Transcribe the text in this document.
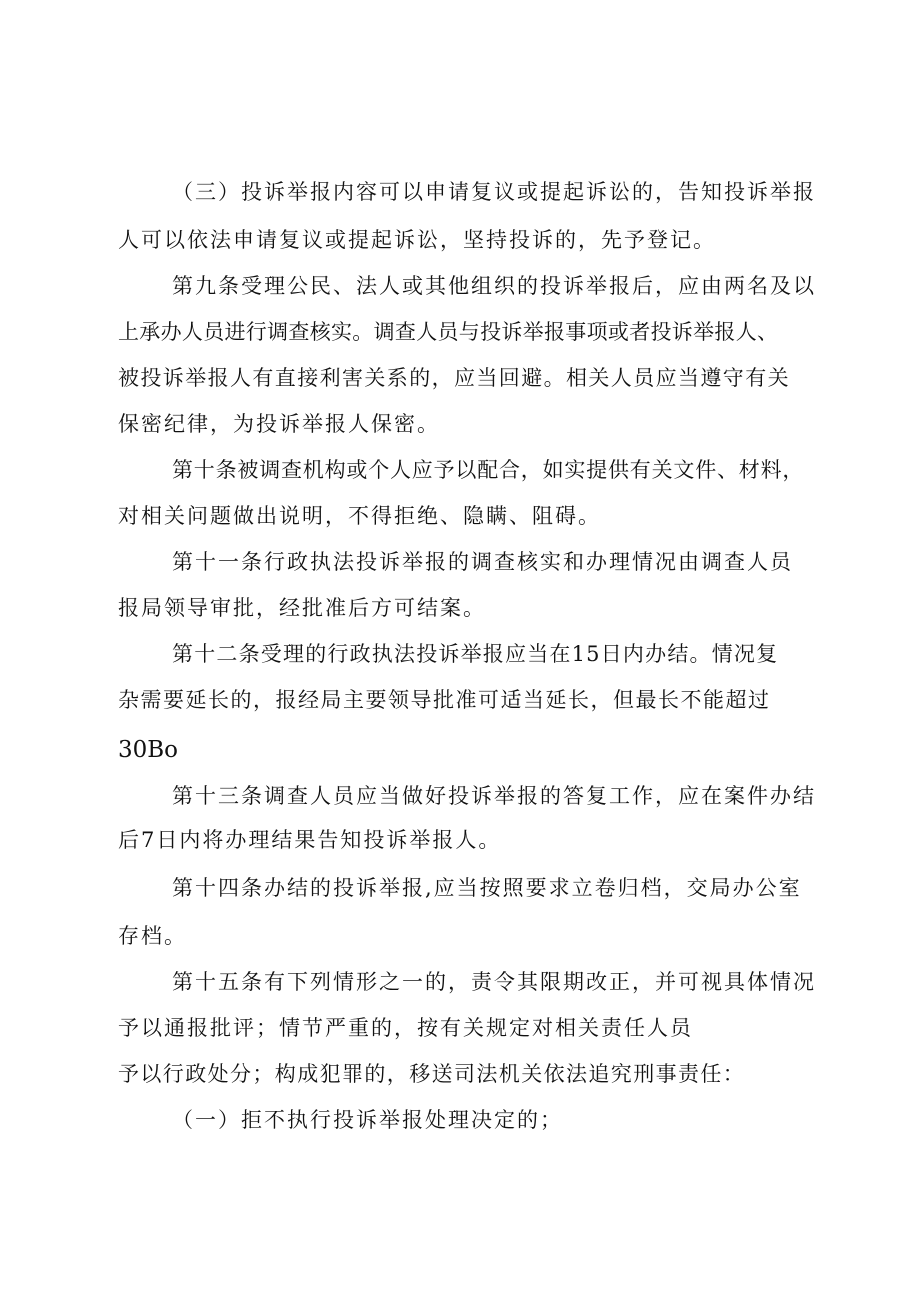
（三）投诉举报内容可以申请复议或提起诉讼的，告知投诉举报
人可以依法申请复议或提起诉讼，坚持投诉的，先予登记。
第九条受理公民、法人或其他组织的投诉举报后，应由两名及以
上承办人员进行调查核实。调查人员与投诉举报事项或者投诉举报人、
被投诉举报人有直接利害关系的，应当回避。相关人员应当遵守有关
保密纪律，为投诉举报人保密。
第十条被调查机构或个人应予以配合，如实提供有关文件、材料，
对相关问题做出说明，不得拒绝、隐瞒、阻碍。
第十一条行政执法投诉举报的调查核实和办理情况由调查人员
报局领导审批，经批准后方可结案。
第十二条受理的行政执法投诉举报应当在15日内办结。情况复
杂需要延长的，报经局主要领导批准可适当延长，但最长不能超过
30Bo
第十三条调查人员应当做好投诉举报的答复工作，应在案件办结
后7日内将办理结果告知投诉举报人。
第十四条办结的投诉举报,应当按照要求立卷归档，交局办公室
存档。
第十五条有下列情形之一的，责令其限期改正，并可视具体情况
予以通报批评；情节严重的，按有关规定对相关责任人员
予以行政处分；构成犯罪的，移送司法机关依法追究刑事责任：
（一）拒不执行投诉举报处理决定的；
